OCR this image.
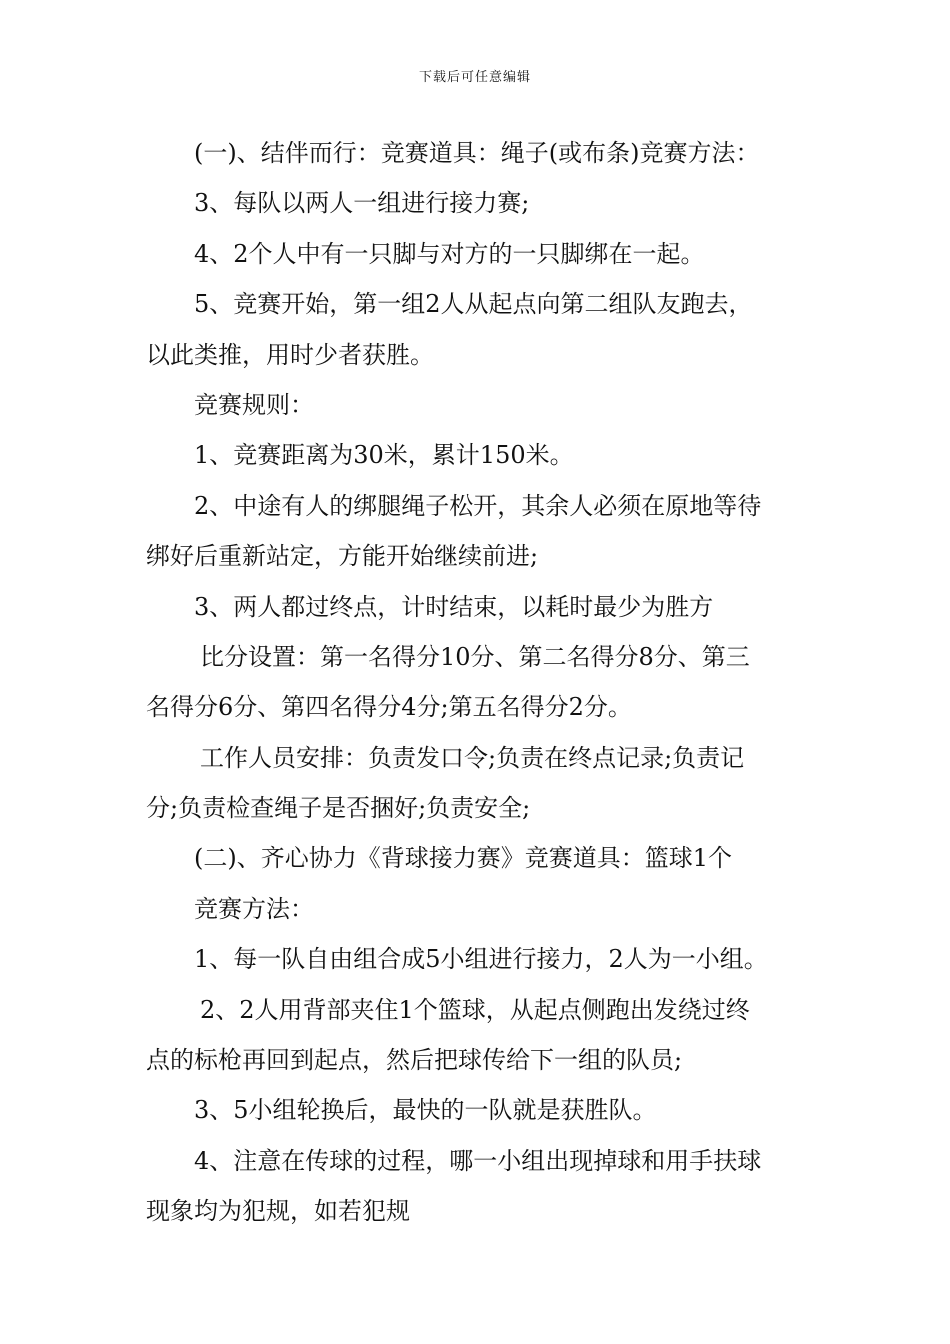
下载后可任意编辑
(一)、结伴而行：竞赛道具：绳子(或布条)竞赛方法：
3、每队以两人一组进行接力赛;
4、2个人中有一只脚与对方的一只脚绑在一起。
5、竞赛开始，第一组2人从起点向第二组队友跑去，
以此类推，用时少者获胜。
竞赛规则：
1、竞赛距离为30米，累计150米。
2、中途有人的绑腿绳子松开，其余人必须在原地等待
绑好后重新站定，方能开始继续前进;
3、两人都过终点，计时结束，以耗时最少为胜方
比分设置：第一名得分10分、第二名得分8分、第三
名得分6分、第四名得分4分;第五名得分2分。
工作人员安排：负责发口令;负责在终点记录;负责记
分;负责检查绳子是否捆好;负责安全;
(二)、齐心协力《背球接力赛》竞赛道具：篮球1个
竞赛方法：
1、每一队自由组合成5小组进行接力，2人为一小组。
2、2人用背部夹住1个篮球，从起点侧跑出发绕过终
点的标枪再回到起点，然后把球传给下一组的队员;
3、5小组轮换后，最快的一队就是获胜队。
4、注意在传球的过程，哪一小组出现掉球和用手扶球
现象均为犯规，如若犯规
